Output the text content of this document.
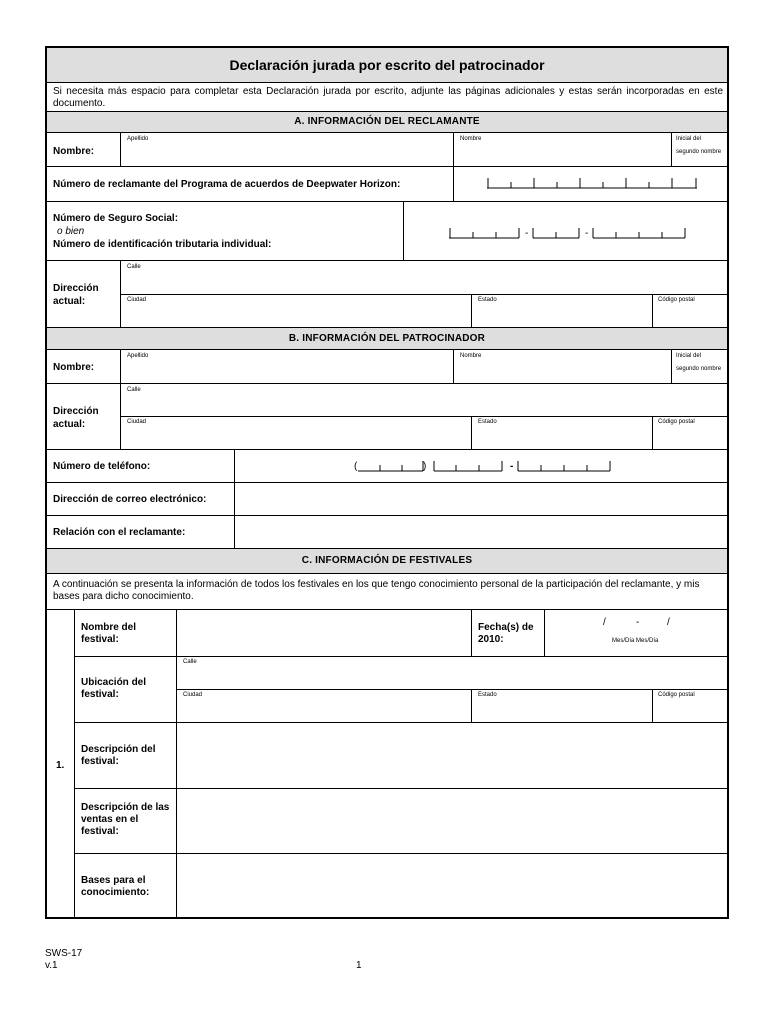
Declaración jurada por escrito del patrocinador
Si necesita más espacio para completar esta Declaración jurada por escrito, adjunte las páginas adicionales y estas serán incorporadas en este documento.
A. INFORMACIÓN DEL RECLAMANTE
Nombre:
Apellido	Nombre	Inicial del
segundo nombre
Número de reclamante del Programa de acuerdos de Deepwater Horizon:
Número de Seguro Social:
o bien
Número de identificación tributaria individual:
-	-
Dirección
actual:
Calle
Ciudad	Estado	Código postal
B. INFORMACIÓN DEL PATROCINADOR
Nombre:
Apellido	Nombre	Inicial del
segundo nombre
Dirección
actual:
Calle
Ciudad	Estado	Código postal
Número de teléfono:	(	)	-
Dirección de correo electrónico:
Relación con el reclamante:
C. INFORMACIÓN DE FESTIVALES
A continuación se presenta la información de todos los festivales en los que tengo conocimiento personal de la participación del reclamante, y mis bases para dicho conocimiento.
1.
Nombre del festival:
Fecha(s) de 2010:
/	-	/
Mes/Día Mes/Día
Ubicación del festival:
Calle
Ciudad	Estado	Código postal
Descripción del festival:
Descripción de las ventas en el festival:
Bases para el conocimiento:
SWS-17
v.1	1
